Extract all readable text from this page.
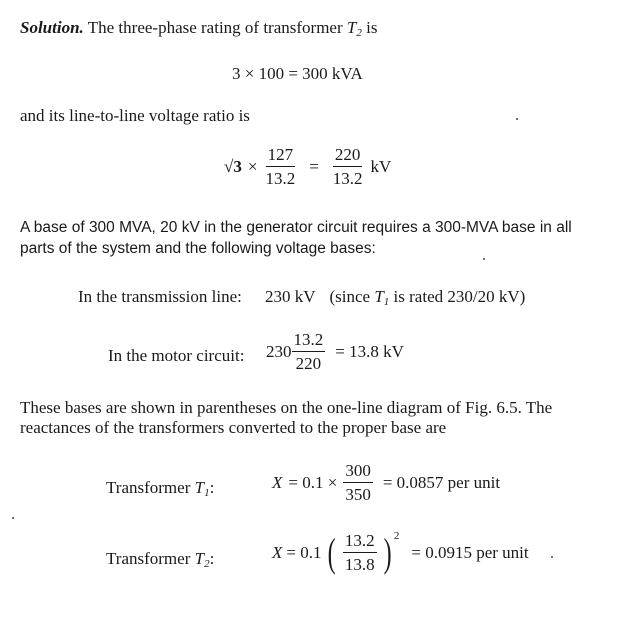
Solution. The three-phase rating of transformer $T_2$ is
3 × 100 = 300 kVA
and its line-to-line voltage ratio is
$√3 \times \frac{127}{13.2} = \frac{220}{13.2}$ kV
A base of 300 MVA, 20 kV in the generator circuit requires a 300-MVA base in all
parts of the system and the following voltage bases:
In the transmission line: 230 kV (since $T_1$ is rated 230/20 kV)
In the motor circuit: $230 \frac{13.2}{220} = 13.8$ kV
These bases are shown in parentheses on the one-line diagram of Fig. 6.5. The
reactances of the transformers converted to the proper base are
Transformer $T_1$:	$X = 0.1 \times \frac{300}{350} = 0.0857$ per unit
Transformer $T_2$:	X = 0.1 ( $\frac{13.2}{13.8} )^2$
= 0.0915 per unit
